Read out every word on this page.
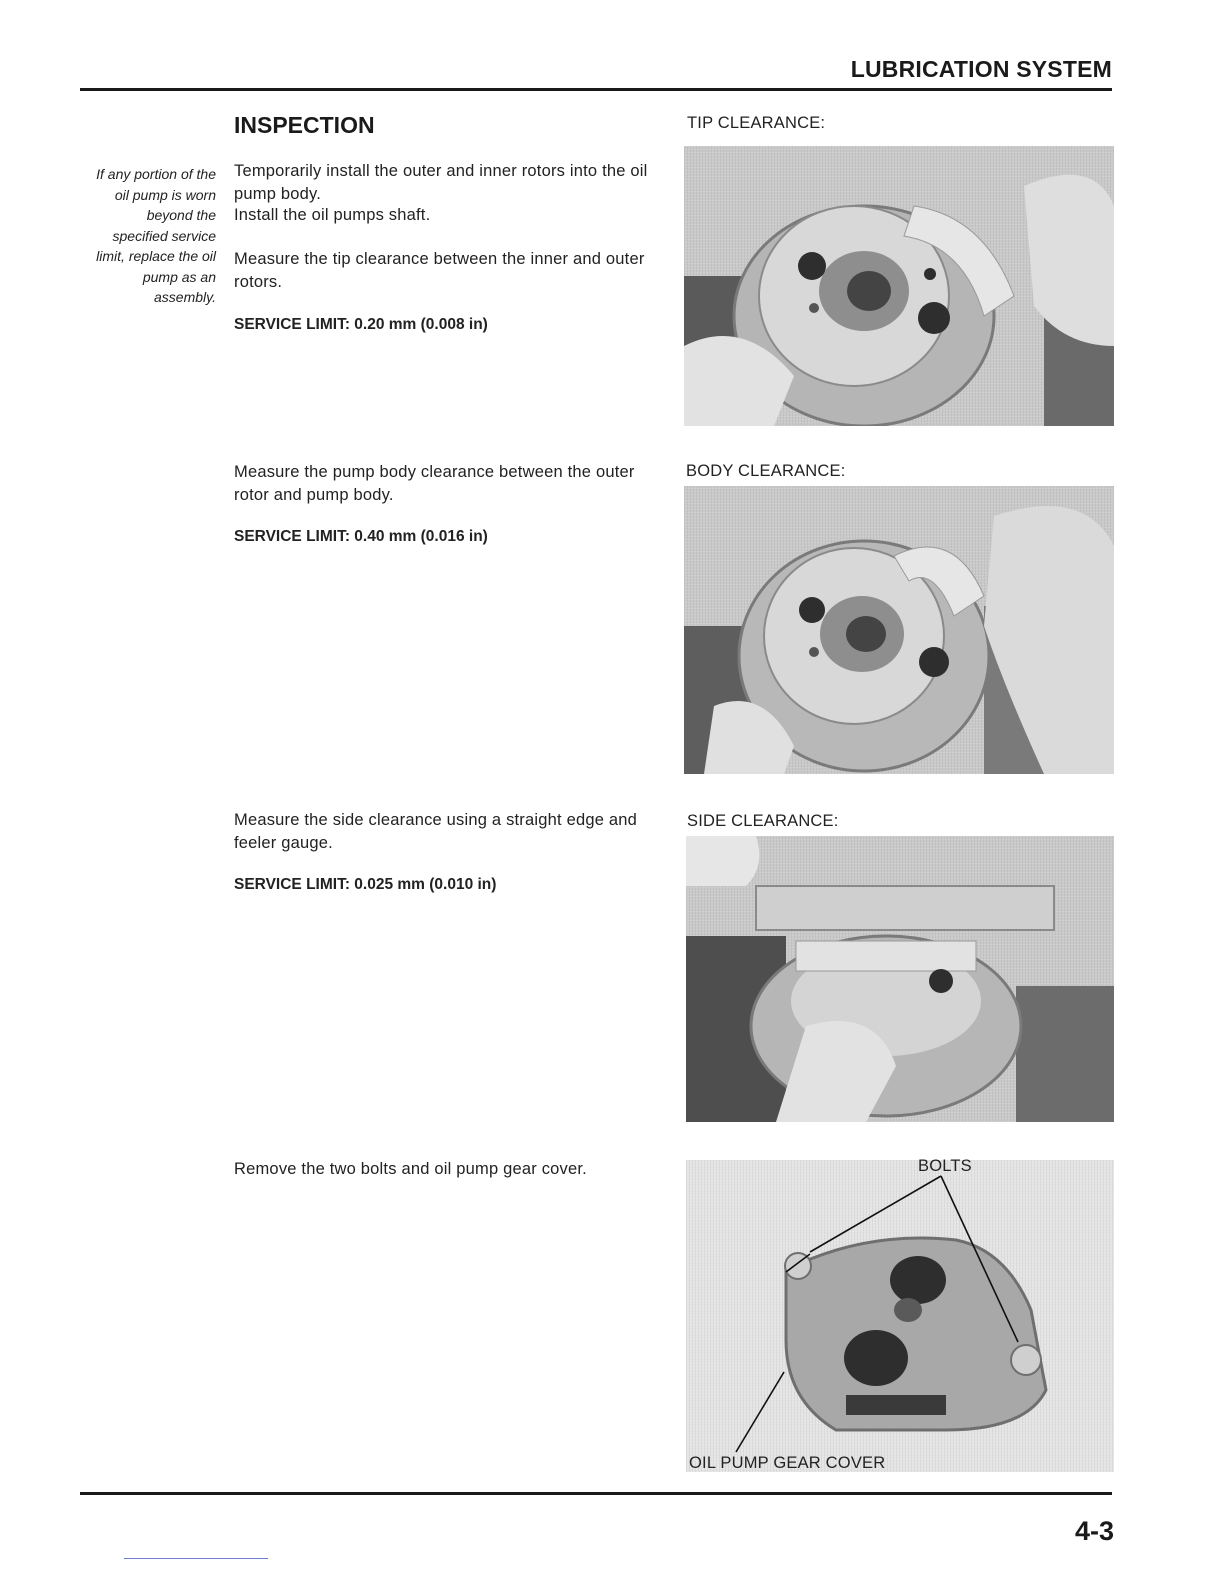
LUBRICATION SYSTEM
INSPECTION
If any portion of the oil pump is worn beyond the specified service limit, replace the oil pump as an assembly.
Temporarily install the outer and inner rotors into the oil pump body.
Install the oil pumps shaft.
Measure the tip clearance between the inner and outer rotors.
SERVICE LIMIT: 0.20 mm (0.008 in)
TIP CLEARANCE:
Measure the pump body clearance between the outer rotor and pump body.
SERVICE LIMIT: 0.40 mm (0.016 in)
BODY CLEARANCE:
Measure the side clearance using a straight edge and feeler gauge.
SERVICE LIMIT: 0.025 mm (0.010 in)
SIDE CLEARANCE:
Remove the two bolts and oil pump gear cover.	BOLTS
OIL PUMP GEAR COVER
4-3
